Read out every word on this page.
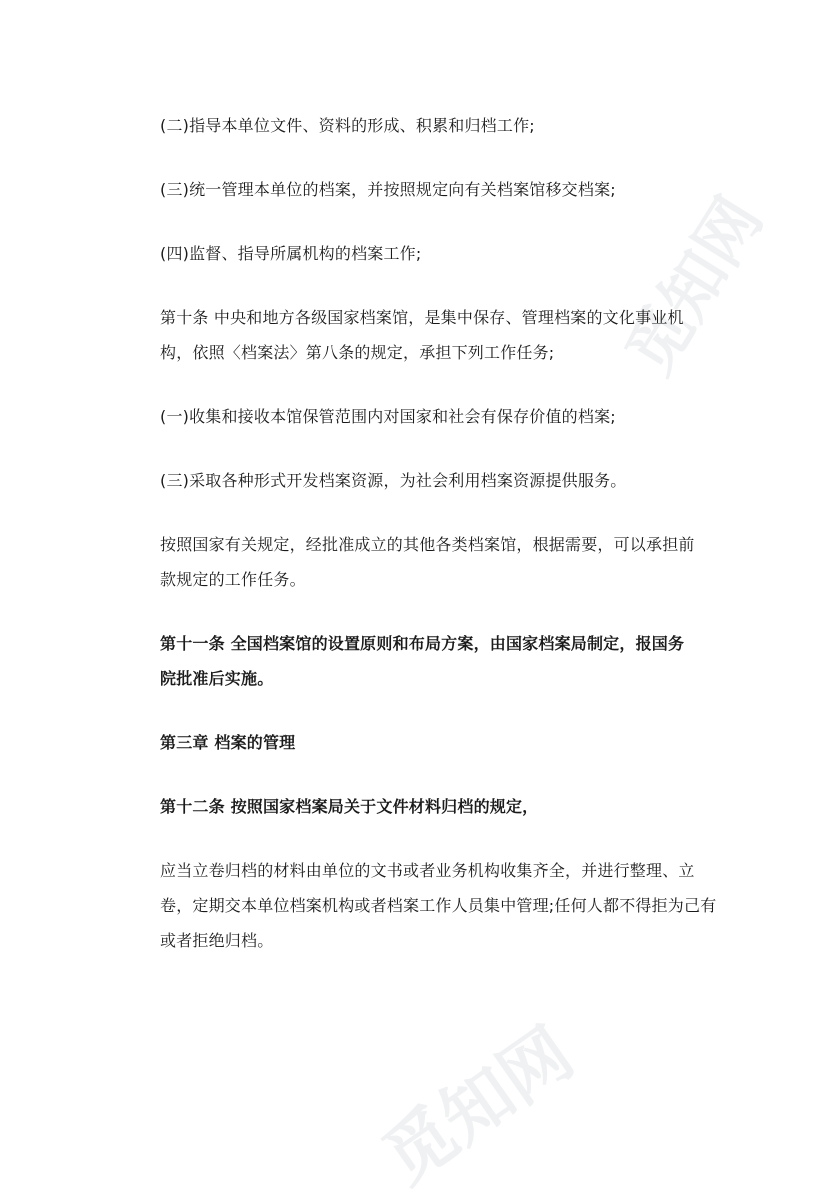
觅知网
觅知网

(二)指导本单位文件、资料的形成、积累和归档工作;

(三)统一管理本单位的档案，并按照规定向有关档案馆移交档案;

(四)监督、指导所属机构的档案工作;

第十条 中央和地方各级国家档案馆，是集中保存、管理档案的文化事业机

构，依照〈档案法〉第八条的规定，承担下列工作任务;

(一)收集和接收本馆保管范围内对国家和社会有保存价值的档案;

(三)采取各种形式开发档案资源，为社会利用档案资源提供服务。

按照国家有关规定，经批准成立的其他各类档案馆，根据需要，可以承担前

款规定的工作任务。

第十一条 全国档案馆的设置原则和布局方案，由国家档案局制定，报国务

院批准后实施。

第三章 档案的管理

第十二条 按照国家档案局关于文件材料归档的规定，

应当立卷归档的材料由单位的文书或者业务机构收集齐全，并进行整理、立

卷，定期交本单位档案机构或者档案工作人员集中管理;任何人都不得拒为己有

或者拒绝归档。
